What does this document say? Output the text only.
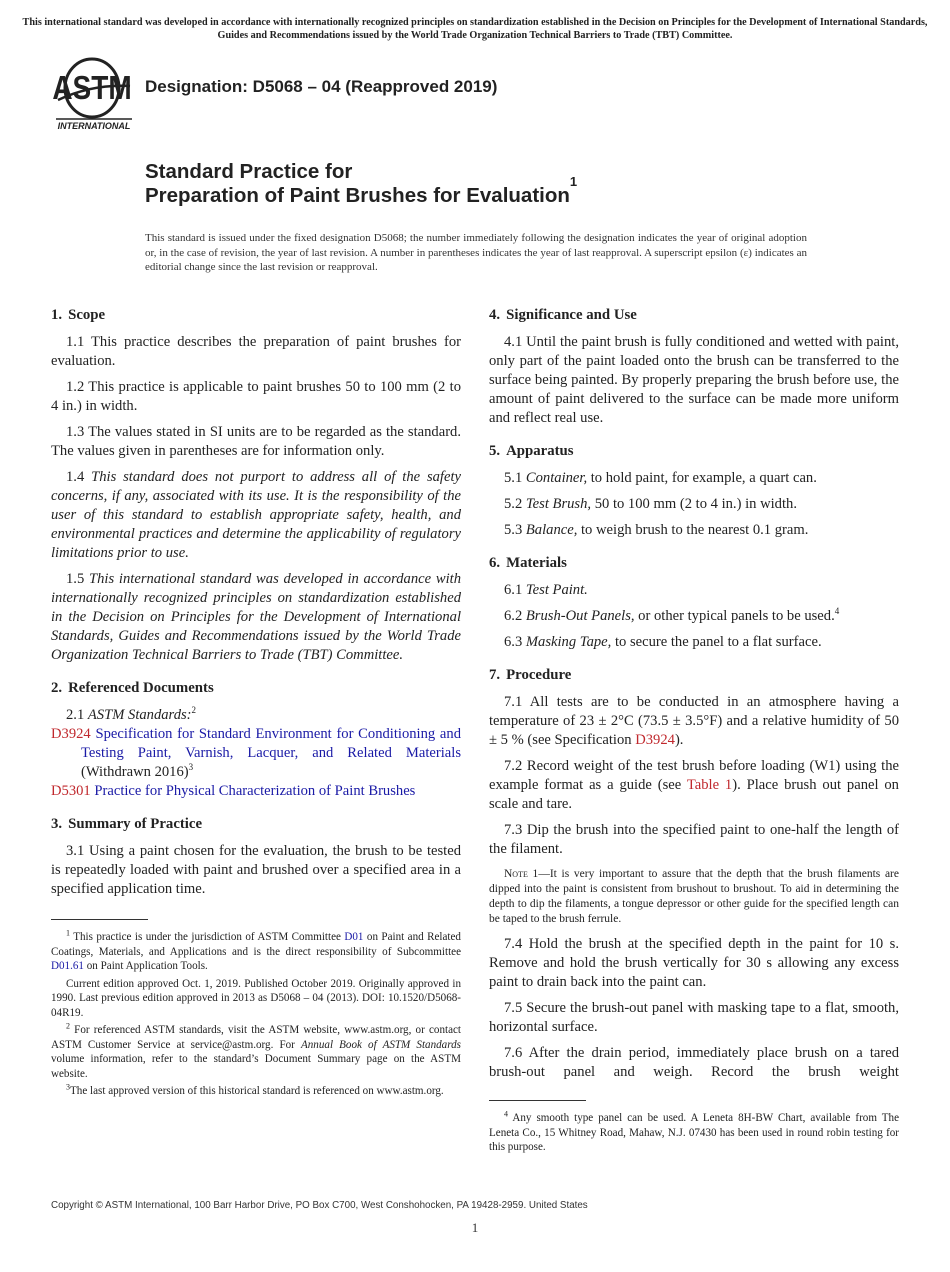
This international standard was developed in accordance with internationally recognized principles on standardization established in the Decision on Principles for the Development of International Standards, Guides and Recommendations issued by the World Trade Organization Technical Barriers to Trade (TBT) Committee.
ASTM
INTERNATIONAL
Designation: D5068 – 04 (Reapproved 2019)
Standard Practice for
Preparation of Paint Brushes for Evaluation$^1$
This standard is issued under the fixed designation D5068; the number immediately following the designation indicates the year of original adoption or, in the case of revision, the year of last revision. A number in parentheses indicates the year of last reapproval. A superscript epsilon (ε) indicates an editorial change since the last revision or reapproval.
1. Scope

1.1 This practice describes the preparation of paint brushes for evaluation.

1.2 This practice is applicable to paint brushes 50 to 100 mm (2 to 4 in.) in width.

1.3 The values stated in SI units are to be regarded as the standard. The values given in parentheses are for information only.

1.4 This standard does not purport to address all of the safety concerns, if any, associated with its use. It is the responsibility of the user of this standard to establish appropriate safety, health, and environmental practices and determine the applicability of regulatory limitations prior to use.

1.5 This international standard was developed in accordance with internationally recognized principles on standardization established in the Decision on Principles for the Development of International Standards, Guides and Recommendations issued by the World Trade Organization Technical Barriers to Trade (TBT) Committee.

2. Referenced Documents

2.1 ASTM Standards:$^2$

D3924 Specification for Standard Environment for Conditioning and Testing Paint, Varnish, Lacquer, and Related Materials (Withdrawn 2016)$^3$

D5301 Practice for Physical Characterization of Paint Brushes

3. Summary of Practice

3.1 Using a paint chosen for the evaluation, the brush to be tested is repeatedly loaded with paint and brushed over a specified area in a specified application time.

$^1$ This practice is under the jurisdiction of ASTM Committee D01 on Paint and Related Coatings, Materials, and Applications and is the direct responsibility of Subcommittee D01.61 on Paint Application Tools.

Current edition approved Oct. 1, 2019. Published October 2019. Originally approved in 1990. Last previous edition approved in 2013 as D5068 – 04 (2013). DOI: 10.1520/D5068-04R19.

$^2$ For referenced ASTM standards, visit the ASTM website, www.astm.org, or contact ASTM Customer Service at service@astm.org. For Annual Book of ASTM Standards volume information, refer to the standard’s Document Summary page on the ASTM website.

$^3$The last approved version of this historical standard is referenced on www.astm.org.

4. Significance and Use

4.1 Until the paint brush is fully conditioned and wetted with paint, only part of the paint loaded onto the brush can be transferred to the surface being painted. By properly preparing the brush before use, the amount of paint delivered to the surface can be made more uniform and reflect real use.

5. Apparatus

5.1 Container, to hold paint, for example, a quart can.

5.2 Test Brush, 50 to 100 mm (2 to 4 in.) in width.

5.3 Balance, to weigh brush to the nearest 0.1 gram.

6. Materials

6.1 Test Paint.

6.2 Brush-Out Panels, or other typical panels to be used.$^4$

6.3 Masking Tape, to secure the panel to a flat surface.

7. Procedure

7.1 All tests are to be conducted in an atmosphere having a temperature of 23 ± 2°C (73.5 ± 3.5°F) and a relative humidity of 50 ± 5 % (see Specification D3924).

7.2 Record weight of the test brush before loading (W1) using the example format as a guide (see Table 1). Place brush out panel on scale and tare.

7.3 Dip the brush into the specified paint to one-half the length of the filament.

Note 1—It is very important to assure that the depth that the brush filaments are dipped into the paint is consistent from brushout to brushout. To aid in determining the depth to dip the filaments, a tongue depressor or other guide for the specified length can be taped to the brush ferrule.

7.4 Hold the brush at the specified depth in the paint for 10 s. Remove and hold the brush vertically for 30 s allowing any excess paint to drain back into the paint can.

7.5 Secure the brush-out panel with masking tape to a flat, smooth, horizontal surface.

7.6 After the drain period, immediately place brush on a tared brush-out panel and weigh. Record the brush weight

$^4$ Any smooth type panel can be used. A Leneta 8H-BW Chart, available from The Leneta Co., 15 Whitney Road, Mahaw, N.J. 07430 has been used in round robin testing for this purpose.

Copyright © ASTM International, 100 Barr Harbor Drive, PO Box C700, West Conshohocken, PA 19428-2959. United States
1
